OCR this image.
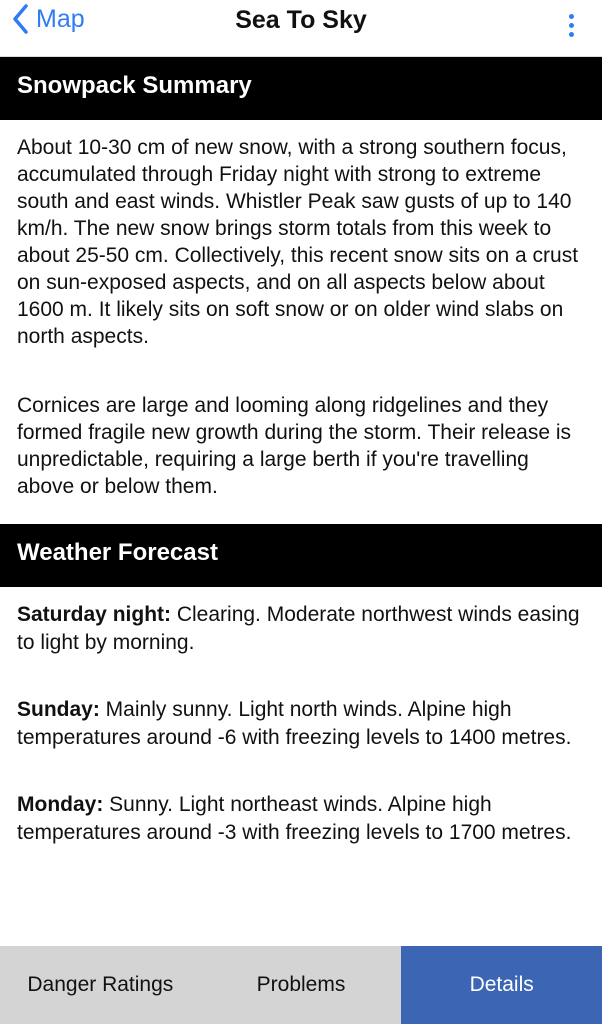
Map	Sea To Sky
Snowpack Summary

About 10-30 cm of new snow, with a strong southern focus, accumulated through Friday night with strong to extreme south and east winds. Whistler Peak saw gusts of up to 140 km/h. The new snow brings storm totals from this week to about 25-50 cm. Collectively, this recent snow sits on a crust on sun-exposed aspects, and on all aspects below about 1600 m. It likely sits on soft snow or on older wind slabs on north aspects.

Cornices are large and looming along ridgelines and they formed fragile new growth during the storm. Their release is unpredictable, requiring a large berth if you're travelling above or below them.

Weather Forecast

Saturday night: Clearing. Moderate northwest winds easing to light by morning.

Sunday: Mainly sunny. Light north winds. Alpine high temperatures around -6 with freezing levels to 1400 metres.

Monday: Sunny. Light northeast winds. Alpine high temperatures around -3 with freezing levels to 1700 metres.

Danger Ratings	Problems	Details
